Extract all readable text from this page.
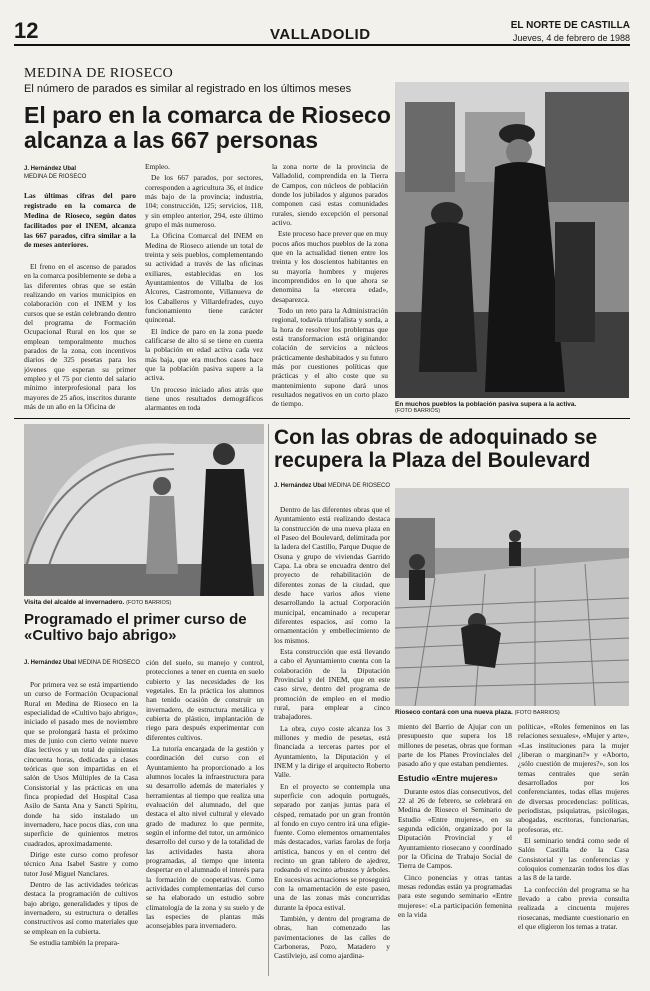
12	VALLADOLID
EL NORTE DE CASTILLA
Jueves, 4 de febrero de 1988
MEDINA DE RIOSECO
El número de parados es similar al registrado en los últimos meses
El paro en la comarca de Rioseco alcanza a las 667 personas
J. Hernández Ubal
MEDINA DE RIOSECO
Las últimas cifras del paro registrado en la comarca de Medina de Rioseco, según datos facilitados por el INEM, alcanza las 667 parados, cifra similar a la de meses anteriores.

El freno en el ascenso de parados en la comarca posiblemente se deba a las diferentes obras que se están realizando en varios municipios en colaboración con el INEM y los cursos que se están celebrando dentro del programa de Formación Ocupacional Rural en los que se emplean temporalmente muchos parados de la zona, con incentivos diarios de 325 pesetas para los jóvenes que esperan su primer empleo y el 75 por ciento del salario mínimo interprofesional para los mayores de 25 años, inscritos durante más de un año en la Oficina de

Empleo.

De los 667 parados, por sectores, corresponden a agricultura 36, el índice más bajo de la provincia; industria, 104; construcción, 125; servicios, 118, y sin empleo anterior, 294, este último grupo el más numeroso.

La Oficina Comarcal del INEM en Medina de Rioseco atiende un total de treinta y seis pueblos, complementando su actividad a través de las oficinas exiliares, establecidas en los Ayuntamientos de Villalba de los Alcores, Castromonte, Villanueva de los Caballeros y Villardefrades, cuyo funcionamiento tiene carácter quincenal.

El índice de paro en la zona puede calificarse de alto si se tiene en cuenta la población en edad activa cada vez más baja, que era muchos casos hace que la población pasiva supere a la activa.

Un proceso iniciado años atrás que tiene unos resultados demográficos alarmantes en toda

la zona norte de la provincia de Valladolid, comprendida en la Tierra de Campos, con núcleos de población donde los jubilados y algunos parados componen casi estas comunidades rurales, siendo excepción el personal activo.

Este proceso hace prever que en muy pocos años muchos pueblos de la zona que en la actualidad tienen entre los treinta y los doscientos habitantes en su mayoría hombres y mujeres incomprendidos en lo que ahora se denomina la «tercera edad», desaparezca.

Todo un reto para la Administración regional, todavía triunfalista y sorda, a la hora de resolver los problemas que está transformacion está originando: colación de servicios a núcleos prácticamente deshabitados y su futuro más por cuestiones políticas que prácticas y el alto coste que su mantenimiento supone dará unos resultados negativos en un corto plazo de tiempo.	En muchos pueblos la población pasiva supera a la activa.
(FOTO BARRIOS)
Visita del alcalde al invernadero. (FOTO BARRIOS)
Programado el primer curso de «Cultivo bajo abrigo»
J. Hernández Ubal MEDINA DE RIOSECO

Por primera vez se está impartiendo un curso de Formación Ocupacional Rural en Medina de Rioseco en la especialidad de «Cultivo bajo abrigo», iniciado el pasado mes de noviembre que se prolongará hasta el próximo mes de junio con cierto veinte nueve días lectivos y un total de quinientas cincuenta horas, dedicadas a clases teóricas que son impartidas en el salón de Usos Múltiples de la Casa Consistorial y las prácticas en una finca propiedad del Hospital Casa Asilo de Santa Ana y Sancti Spíritu, donde ha sido instalado un invernadero, hace pocos días, con una superficie de quinientos metros cuadrados, aproximadamente.

Dirige este curso como profesor técnico Ana Isabel Sastre y como tutor José Miguel Nanclares.

Dentro de las actividades teóricas destaca la programación de cultivos bajo abrigo, generalidades y tipos de invernadero, su estructura o detalles constructivos así como materiales que se emplean en la cubierta.

Se estudia también la prepara-

ción del suelo, su manejo y control, protecciones a tener en cuenta en suelo cubierto y las necesidades de los vegetales. En la práctica los alumnos han tenido ocasión de construir un invernadero, de estructura metálica y cubierta de plástico, implantación de riego para después experimentar con diferentes cultivos.

La tutoría encargada de la gestión y coordinación del curso con el Ayuntamiento ha proporcionado a los alumnos locales la infraestructura para su desarrollo además de materiales y herramientas al tiempo que realiza una evaluación del alumnado, del que destaca el alto nivel cultural y elevado grado de madurez lo que permite, según el informe del tutor, un armónico desarrollo del curso y de la totalidad de las actividades hasta ahora programadas, al tiempo que intenta despertar en el alumnado el interés para la formación de cooperativas. Como actividades complementarias del curso se ha elaborado un estudio sobre climatología de la zona y su suelo y de las especies de plantas más aconsejables para invernadero.

Con las obras de adoquinado se recupera la Plaza del Boulevard
J. Hernández Ubal MEDINA DE RIOSECO

Dentro de las diferentes obras que el Ayuntamiento está realizando destaca la construcción de una nueva plaza en el Paseo del Boulevard, delimitada por la ladera del Castillo, Parque Duque de Osuna y grupo de viviendas Garrido Capa. La obra se encuadra dentro del proyecto de rehabilitación de diferentes zonas de la ciudad, que desde hace varios años viene desarrollando la actual Corporación municipal, encaminado a recuperar diferentes espacios, así como la ornamentación y embellecimiento de los mismos.

Esta construcción que está llevando a cabo el Ayuntamiento cuenta con la colaboración de la Diputación Provincial y del INEM, que en este caso sirve, dentro del programa de promoción de empleo en el medio rural, para emplear a cinco trabajadores.

La obra, cuyo coste alcanza los 3 millones y medio de pesetas, está financiada a terceras partes por el Ayuntamiento, la Diputación y el INEM y la dirige el arquitecto Roberto Valle.

En el proyecto se contempla una superficie con adoquín portugués, separado por zanjas juntas para el césped, rematado por un gran frontón al fondo en cuyo centro irá una efigie-fuente. Como elementos ornamentales más destacados, varias farolas de forja artística, bancos y en el centro del recinto un gran tablero de ajedrez, rodeando el recinto arbustos y árboles. En sucesivas actuaciones se proseguirá con la ornamentación de este paseo, una de las zonas más concurridas durante la época estival.

También, y dentro del programa de obras, han comenzado las pavimentaciones de las calles de Carboneras, Pozo, Matadero y Castilviejo, así como ajardina-

Rioseco contará con una nueva plaza. (FOTO BARRIOS)

miento del Barrio de Ajujar con un presupuesto que supera los 18 millones de pesetas, obras que forman parte de los Planes Provinciales del pasado año y que estaban pendientes.

Estudio «Entre mujeres»

Durante estos días consecutivos, del 22 al 26 de febrero, se celebrará en Medina de Rioseco el Seminario de Estudio «Entre mujeres», en su segunda edición, organizado por la Diputación Provincial y el Ayuntamiento riosecano y coordinado por la Oficina de Trabajo Social de Tierra de Campos.

Cinco ponencias y otras tantas mesas redondas están ya programadas para este segundo seminario «Entre mujeres»: «La participación femenina en la vida

política», «Roles femeninos en las relaciones sexuales», «Mujer y arte», «Las instituciones para la mujer ¿liberan o marginan?» y «Aborto, ¿sólo cuestión de mujeres?», son los temas centrales que serán desarrollados por los conferenciantes, todas ellas mujeres de diversas procedencias: políticas, periodistas, psiquiatras, psicólogas, abogadas, escritoras, funcionarias, profesoras, etc.

El seminario tendrá como sede el Salón Castilla de la Casa Consistorial y las conferencias y coloquios comenzarán todos los días a las 8 de la tarde.

La confección del programa se ha llevado a cabo previa consulta realizada a cincuenta mujeres riosecanas, mediante cuestionario en el que eligieron los temas a tratar.
